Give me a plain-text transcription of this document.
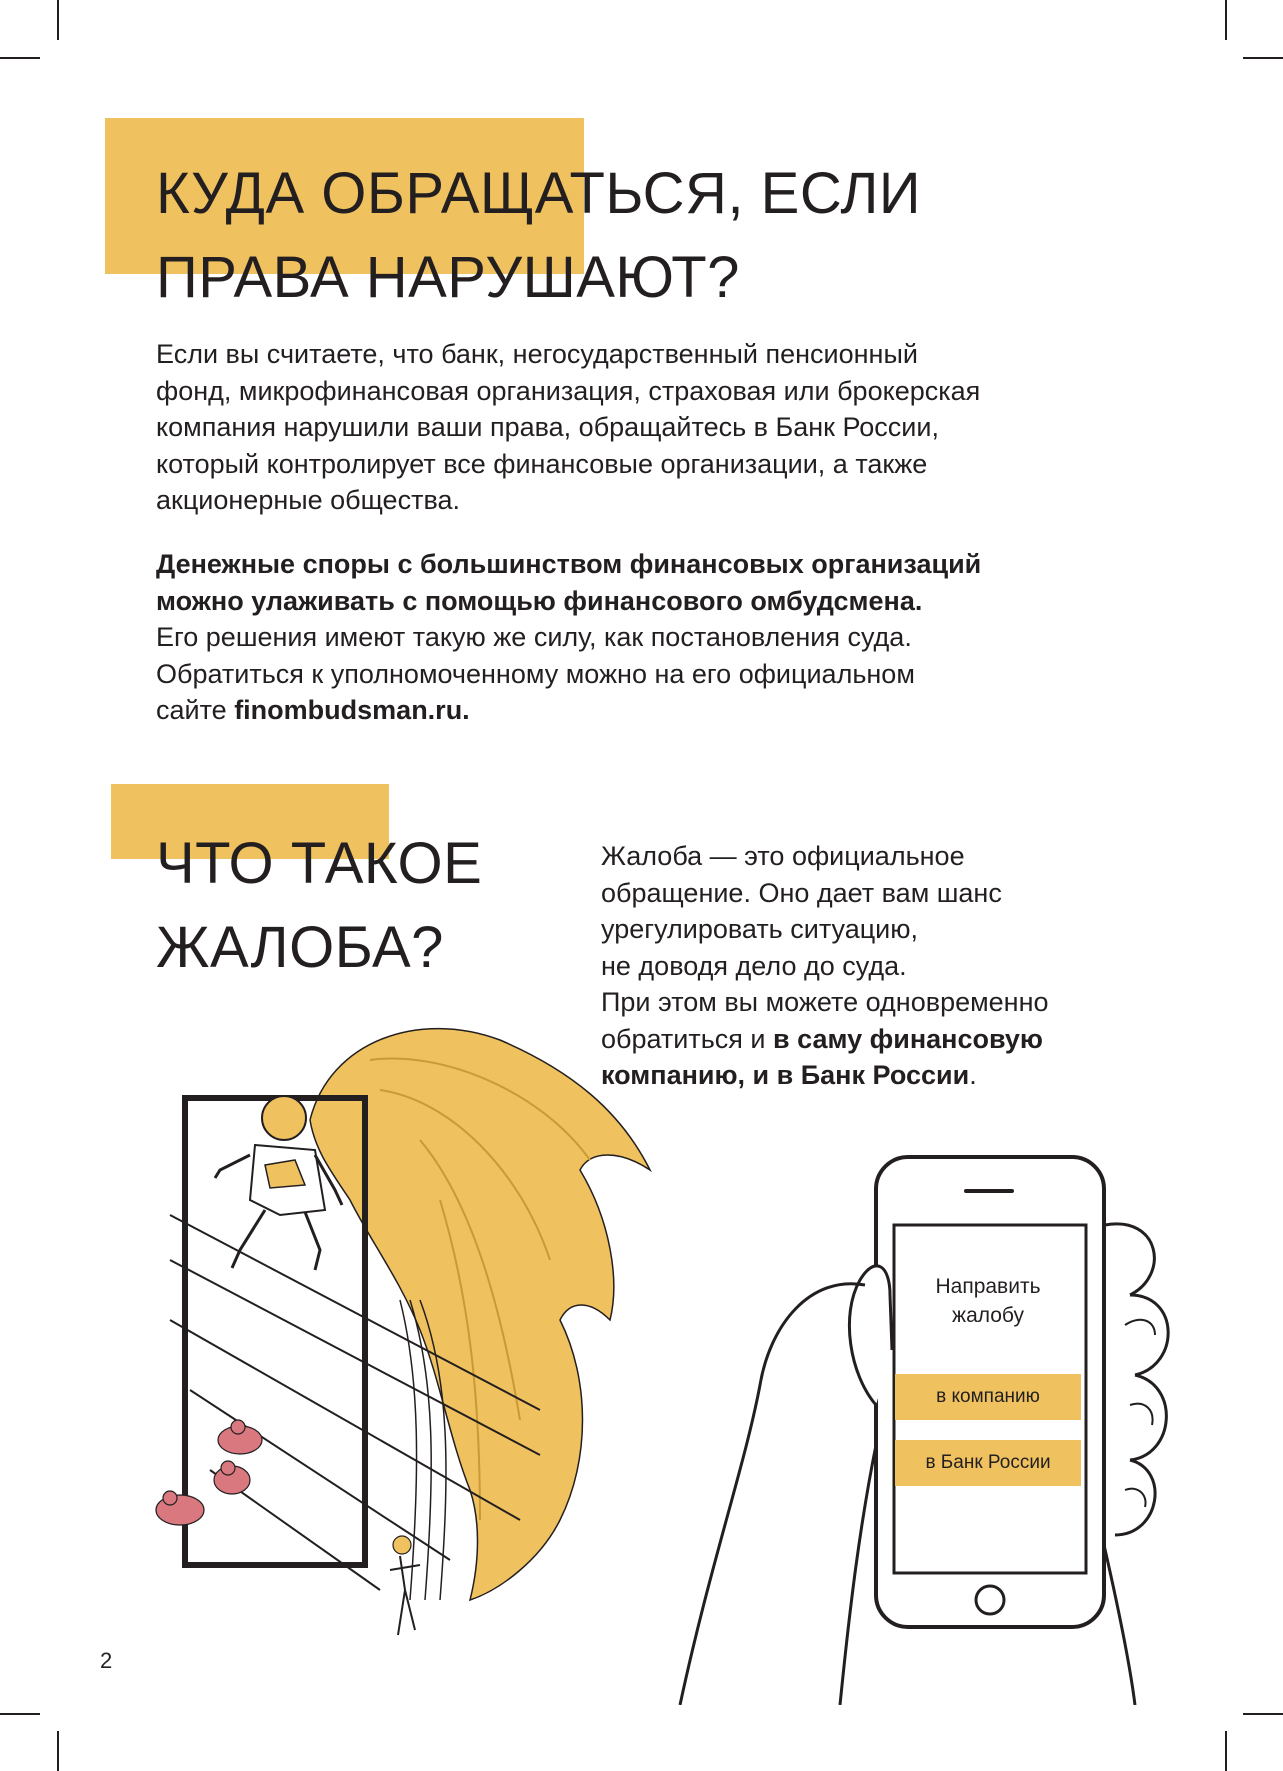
КУДА ОБРАЩАТЬСЯ, ЕСЛИ
ПРАВА НАРУШАЮТ?

Если вы считаете, что банк, негосударственный пенсионный
фонд, микрофинансовая организация, страховая или брокерская
компания нарушили ваши права, обращайтесь в Банк России,
который контролирует все финансовые организации, а также
акционерные общества.

Денежные споры с большинством финансовых организаций
можно улаживать с помощью финансового омбудсмена.
Его решения имеют такую же силу, как постановления суда.
Обратиться к уполномоченному можно на его официальном
сайте finombudsman.ru.

ЧТО ТАКОЕ
ЖАЛОБА?

Жалоба — это официальное
обращение. Оно дает вам шанс
урегулировать ситуацию,
не доводя дело до суда.
При этом вы можете одновременно
обратиться и в саму финансовую
компанию, и в Банк России.

Направить
жалобу
в компанию
в Банк России
2
